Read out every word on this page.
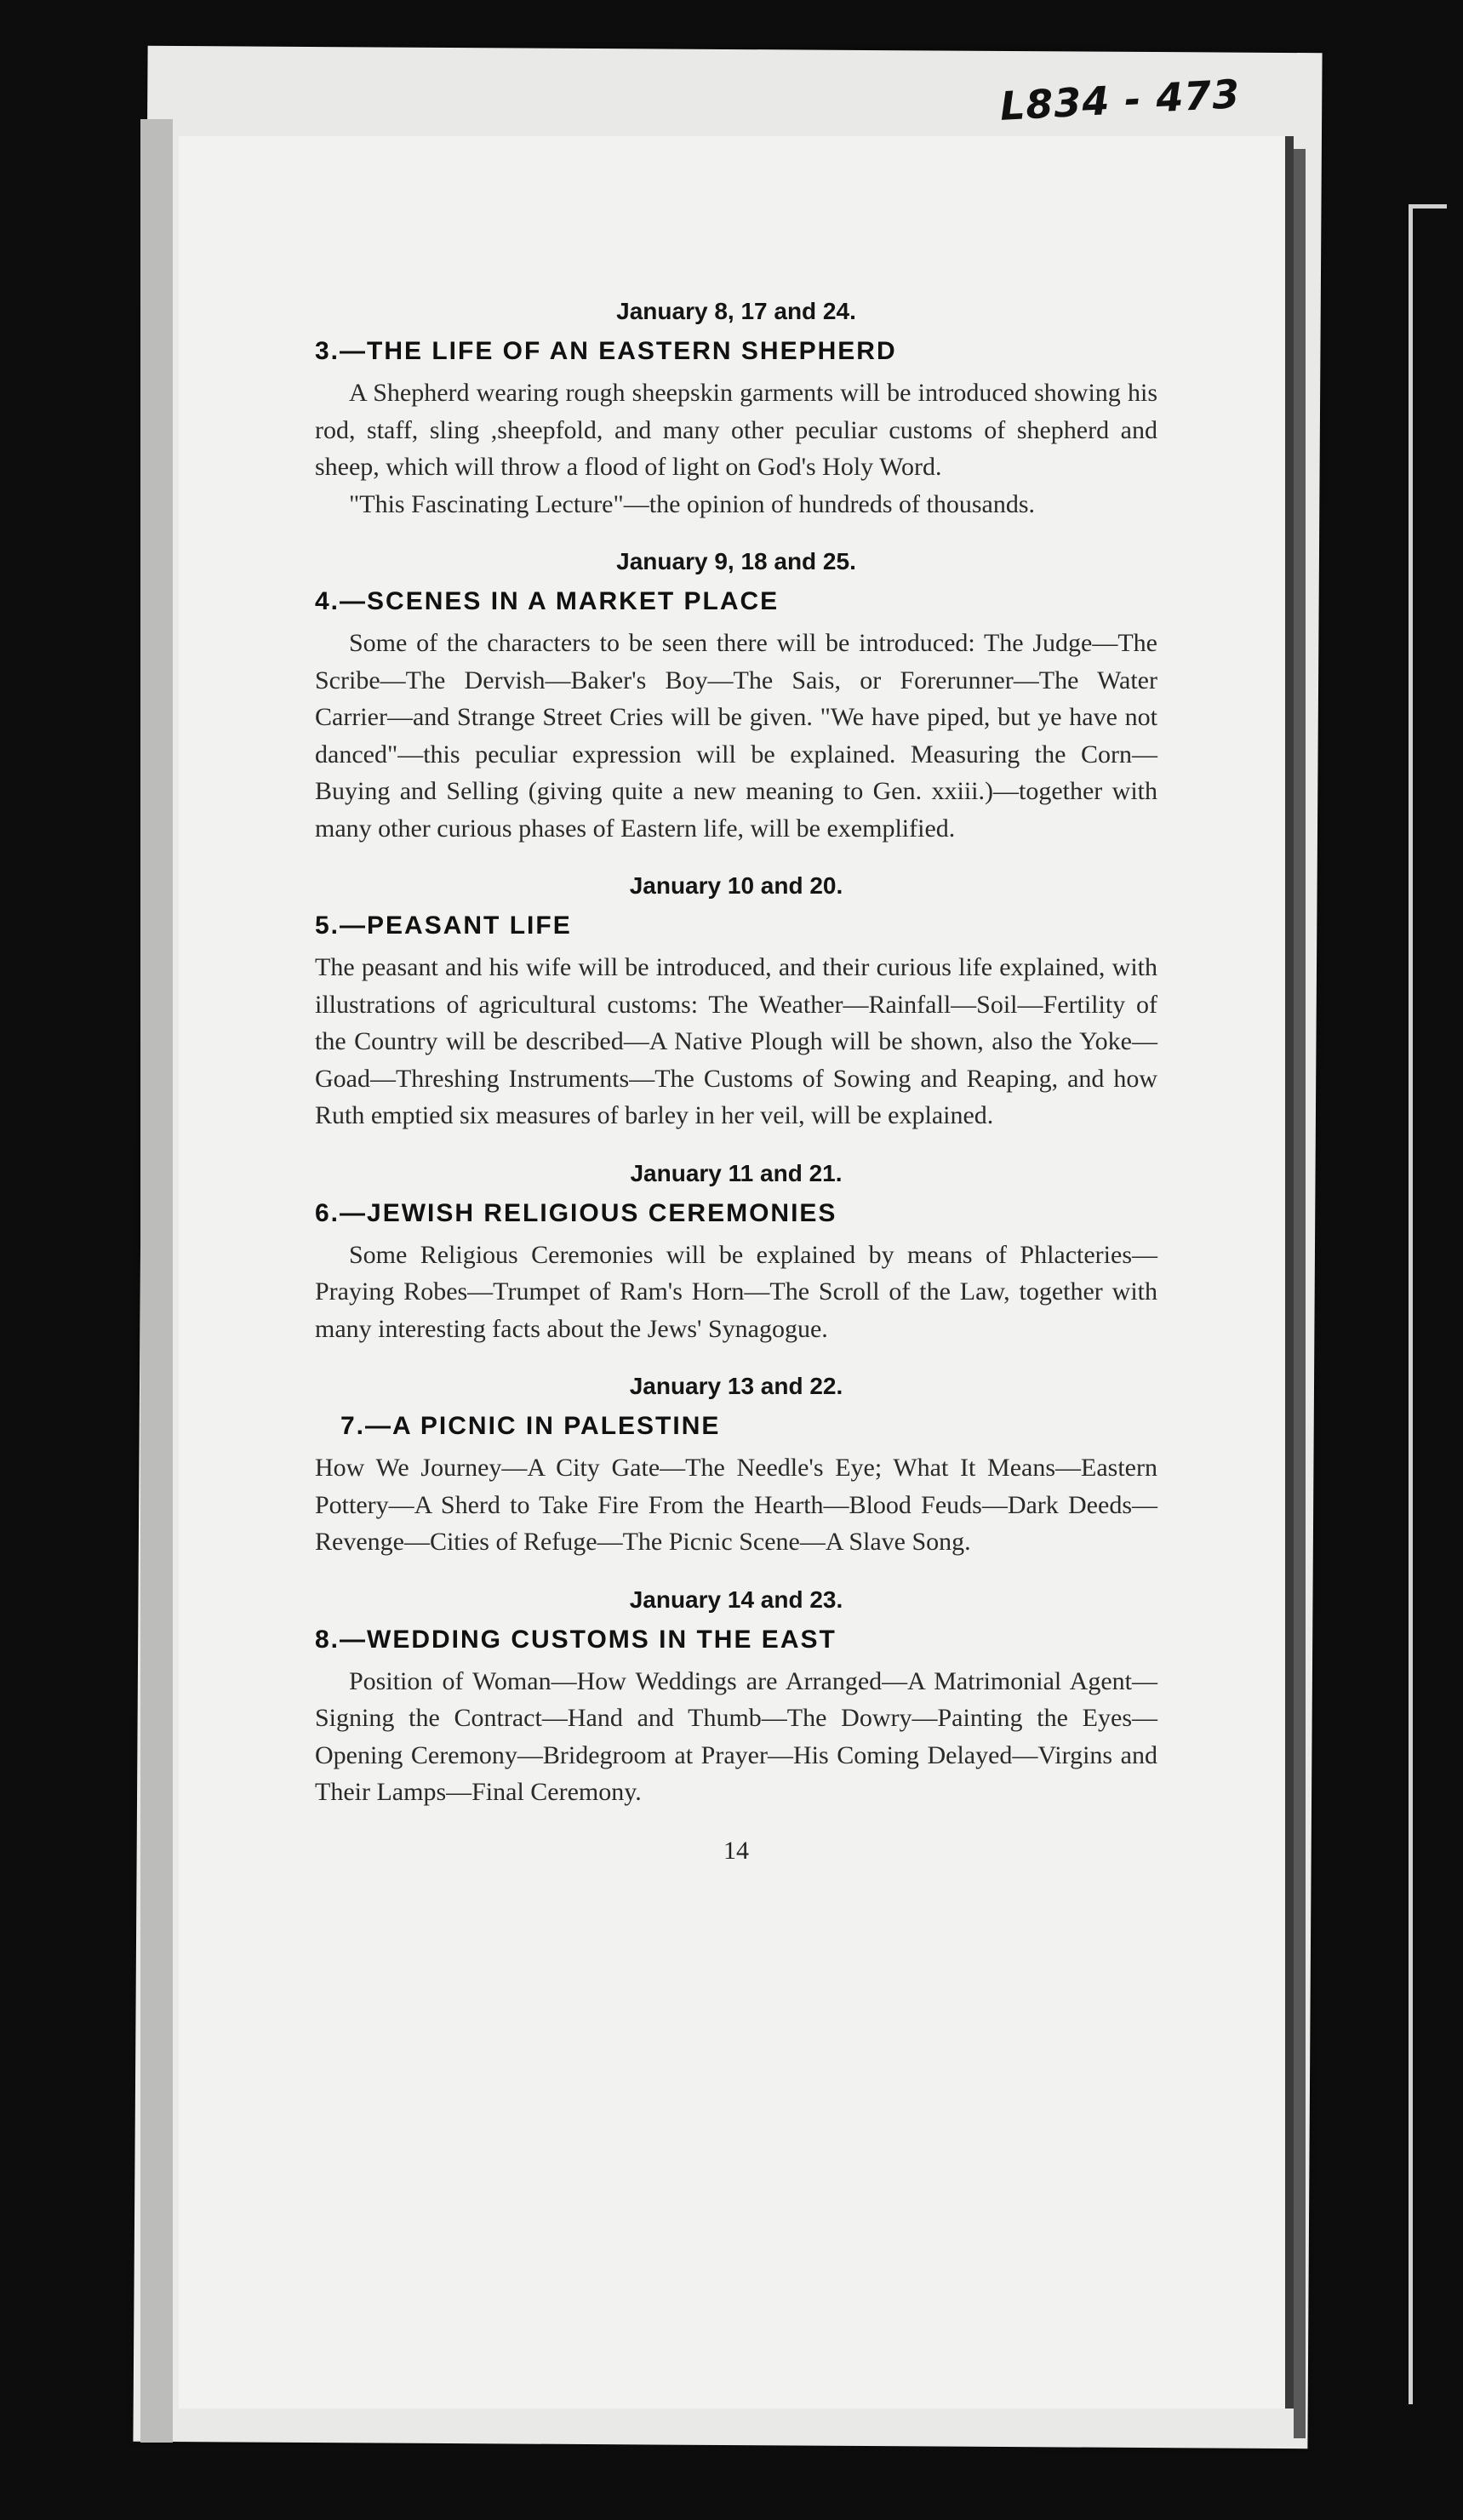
L834 - 473

January 8, 17 and 24.

3.—THE LIFE OF AN EASTERN SHEPHERD

A Shepherd wearing rough sheepskin garments will be introduced showing his rod, staff, sling ,sheepfold, and many other peculiar customs of shepherd and sheep, which will throw a flood of light on God's Holy Word.

"This Fascinating Lecture"—the opinion of hundreds of thousands.

January 9, 18 and 25.

4.—SCENES IN A MARKET PLACE

Some of the characters to be seen there will be introduced: The Judge—The Scribe—The Dervish—Baker's Boy—The Sais, or Forerunner—The Water Carrier—and Strange Street Cries will be given. "We have piped, but ye have not danced"—this peculiar expression will be explained. Measuring the Corn—Buying and Selling (giving quite a new meaning to Gen. xxiii.)—together with many other curious phases of Eastern life, will be exemplified.

January 10 and 20.

5.—PEASANT LIFE

The peasant and his wife will be introduced, and their curious life explained, with illustrations of agricultural customs: The Weather—Rainfall—Soil—Fertility of the Country will be described—A Native Plough will be shown, also the Yoke—Goad—Threshing Instruments—The Customs of Sowing and Reaping, and how Ruth emptied six measures of barley in her veil, will be explained.

January 11 and 21.

6.—JEWISH RELIGIOUS CEREMONIES

Some Religious Ceremonies will be explained by means of Phlacteries—Praying Robes—Trumpet of Ram's Horn—The Scroll of the Law, together with many interesting facts about the Jews' Synagogue.

January 13 and 22.

7.—A PICNIC IN PALESTINE

How We Journey—A City Gate—The Needle's Eye; What It Means—Eastern Pottery—A Sherd to Take Fire From the Hearth—Blood Feuds—Dark Deeds—Revenge—Cities of Refuge—The Picnic Scene—A Slave Song.

January 14 and 23.

8.—WEDDING CUSTOMS IN THE EAST

Position of Woman—How Weddings are Arranged—A Matrimonial Agent—Signing the Contract—Hand and Thumb—The Dowry—Painting the Eyes—Opening Ceremony—Bridegroom at Prayer—His Coming Delayed—Virgins and Their Lamps—Final Ceremony.

14
